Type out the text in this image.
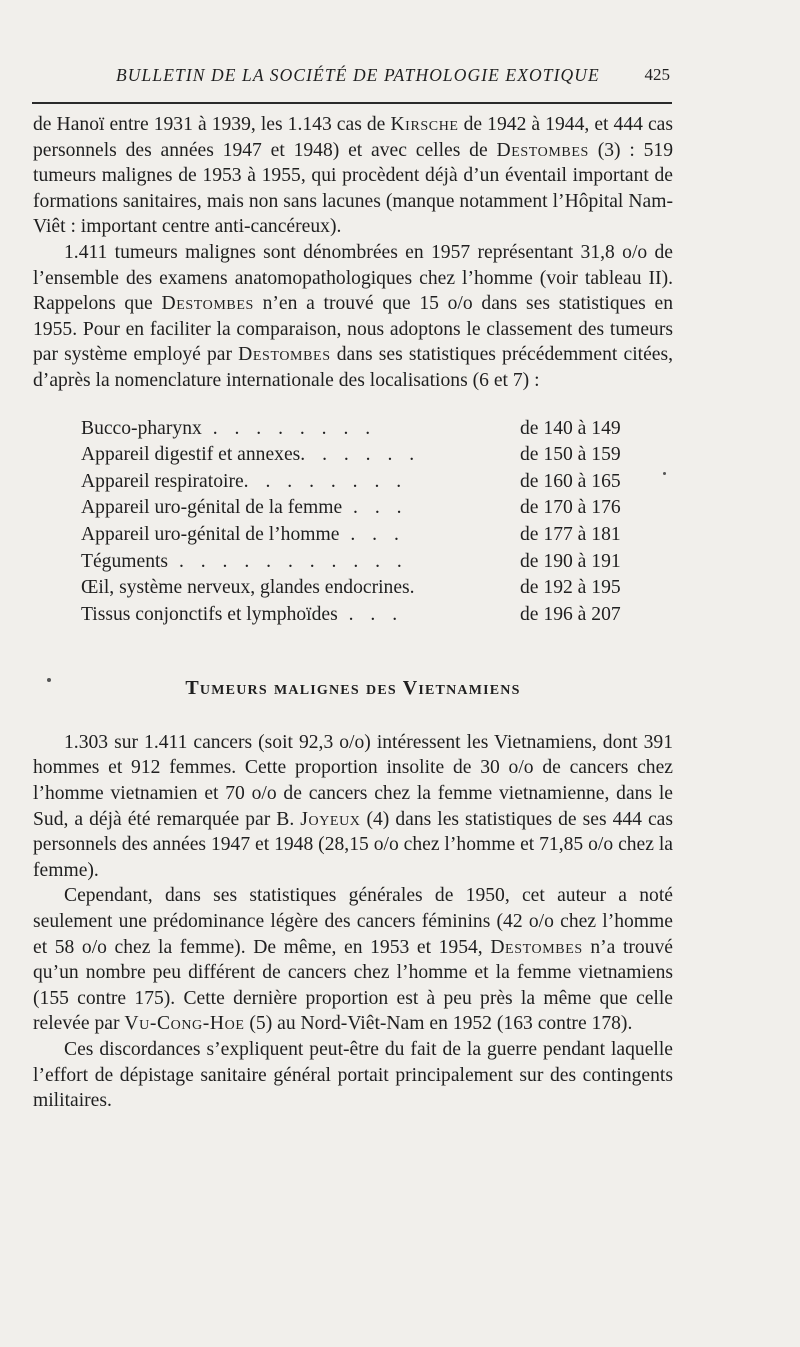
BULLETIN DE LA SOCIÉTÉ DE PATHOLOGIE EXOTIQUE	425

de Hanoï entre 1931 à 1939, les 1.143 cas de Kirsche de 1942 à 1944, et 444 cas personnels des années 1947 et 1948) et avec celles de Destombes (3) : 519 tumeurs malignes de 1953 à 1955, qui procèdent déjà d’un éventail important de formations sanitaires, mais non sans lacunes (manque notamment l’Hôpital Nam-Viêt : important centre anti-cancéreux).

1.411 tumeurs malignes sont dénombrées en 1957 représentant 31,8 o/o de l’ensemble des examens anatomopathologiques chez l’homme (voir tableau II). Rappelons que Destombes n’en a trouvé que 15 o/o dans ses statistiques en 1955. Pour en faciliter la comparaison, nous adoptons le classement des tumeurs par système employé par Destombes dans ses statistiques précédemment citées, d’après la nomenclature internationale des localisations (6 et 7) :

Bucco-pharynx . . . . . . . .	de 140 à 149
Appareil digestif et annexes. . . . . .	de 150 à 159
Appareil respiratoire. . . . . . . .	de 160 à 165
Appareil uro-génital de la femme . . .	de 170 à 176
Appareil uro-génital de l’homme . . .	de 177 à 181
Téguments . . . . . . . . . . .	de 190 à 191
Œil, système nerveux, glandes endocrines.	de 192 à 195
Tissus conjonctifs et lymphoïdes . . .	de 196 à 207
Tumeurs malignes des Vietnamiens

1.303 sur 1.411 cancers (soit 92,3 o/o) intéressent les Vietnamiens, dont 391 hommes et 912 femmes. Cette proportion insolite de 30 o/o de cancers chez l’homme vietnamien et 70 o/o de cancers chez la femme vietnamienne, dans le Sud, a déjà été remarquée par B. Joyeux (4) dans les statistiques de ses 444 cas personnels des années 1947 et 1948 (28,15 o/o chez l’homme et 71,85 o/o chez la femme).

Cependant, dans ses statistiques générales de 1950, cet auteur a noté seulement une prédominance légère des cancers féminins (42 o/o chez l’homme et 58 o/o chez la femme). De même, en 1953 et 1954, Destombes n’a trouvé qu’un nombre peu différent de cancers chez l’homme et la femme vietnamiens (155 contre 175). Cette dernière proportion est à peu près la même que celle relevée par Vu-Cong-Hoe (5) au Nord-Viêt-Nam en 1952 (163 contre 178).

Ces discordances s’expliquent peut-être du fait de la guerre pendant laquelle l’effort de dépistage sanitaire général portait principalement sur des contingents militaires.
